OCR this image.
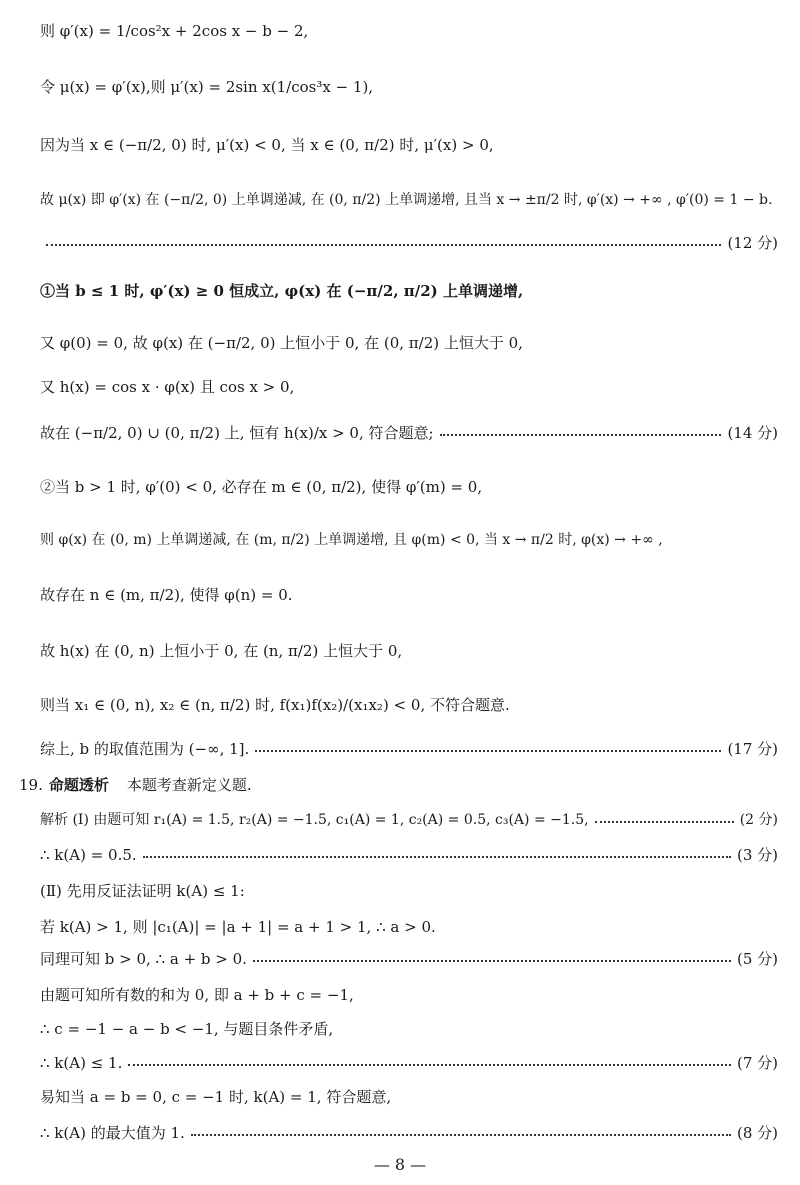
则 φ′(x) = 1/cos²x + 2cos x − b − 2,
令 μ(x) = φ′(x),则 μ′(x) = 2sin x(1/cos³x − 1),
因为当 x ∈ (−π/2, 0) 时, μ′(x) < 0, 当 x ∈ (0, π/2) 时, μ′(x) > 0,
故 μ(x) 即 φ′(x) 在 (−π/2, 0) 上单调递减, 在 (0, π/2) 上单调递增, 且当 x → ±π/2 时, φ′(x) → +∞ , φ′(0) = 1 − b.
(12 分)
①当 b ≤ 1 时, φ′(x) ≥ 0 恒成立, φ(x) 在 (−π/2, π/2) 上单调递增,
又 φ(0) = 0, 故 φ(x) 在 (−π/2, 0) 上恒小于 0, 在 (0, π/2) 上恒大于 0,
又 h(x) = cos x · φ(x) 且 cos x > 0,
故在 (−π/2, 0) ∪ (0, π/2) 上, 恒有 h(x)/x > 0, 符合题意;	(14 分)
②当 b > 1 时, φ′(0) < 0, 必存在 m ∈ (0, π/2), 使得 φ′(m) = 0,
则 φ(x) 在 (0, m) 上单调递减, 在 (m, π/2) 上单调递增, 且 φ(m) < 0, 当 x → π/2 时, φ(x) → +∞ ,
故存在 n ∈ (m, π/2), 使得 φ(n) = 0.
故 h(x) 在 (0, n) 上恒小于 0, 在 (n, π/2) 上恒大于 0,
则当 x₁ ∈ (0, n), x₂ ∈ (n, π/2) 时, f(x₁)f(x₂)/(x₁x₂) < 0, 不符合题意.
综上, b 的取值范围为 (−∞, 1].	(17 分)
19. 命题透析 本题考查新定义题.
解析 (Ⅰ) 由题可知 r₁(A) = 1.5, r₂(A) = −1.5, c₁(A) = 1, c₂(A) = 0.5, c₃(A) = −1.5,	(2 分)
∴ k(A) = 0.5.	(3 分)
(Ⅱ) 先用反证法证明 k(A) ≤ 1:
若 k(A) > 1, 则 |c₁(A)| = |a + 1| = a + 1 > 1, ∴ a > 0.
同理可知 b > 0, ∴ a + b > 0.	(5 分)
由题可知所有数的和为 0, 即 a + b + c = −1,
∴ c = −1 − a − b < −1, 与题目条件矛盾,
∴ k(A) ≤ 1.	(7 分)
易知当 a = b = 0, c = −1 时, k(A) = 1, 符合题意,
∴ k(A) 的最大值为 1.	(8 分)
— 8 —
